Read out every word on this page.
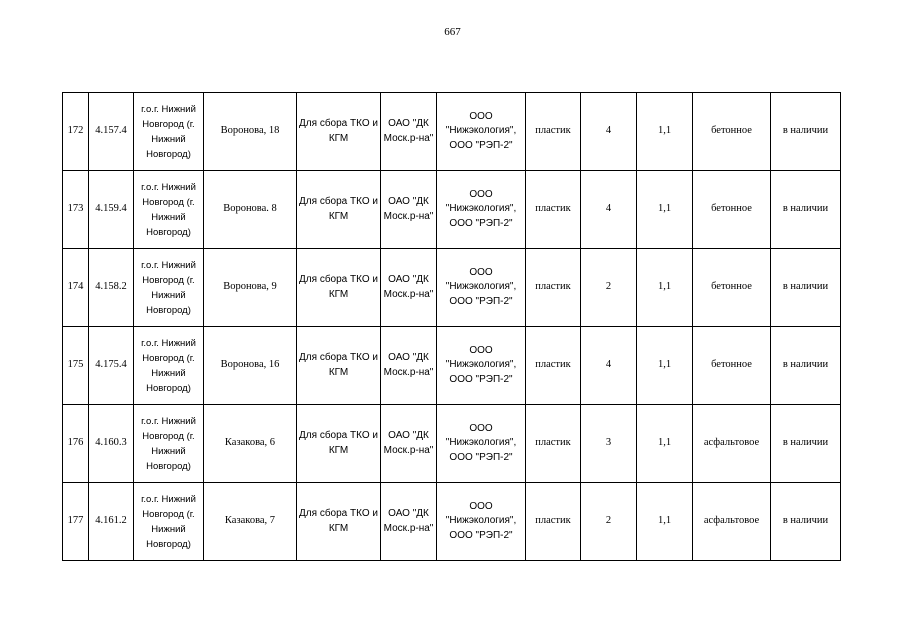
667
172	4.157.4	г.о.г. Нижний Новгород (г. Нижний Новгород)	Воронова, 18	Для сбора ТКО и КГМ	ОАО "ДК Моск.р-на"	ООО "Нижэкология", ООО "РЭП-2"	пластик	4	1,1	бетонное	в наличии
173	4.159.4	г.о.г. Нижний Новгород (г. Нижний Новгород)	Воронова. 8	Для сбора ТКО и КГМ	ОАО "ДК Моск.р-на"	ООО "Нижэкология", ООО "РЭП-2"	пластик	4	1,1	бетонное	в наличии
174	4.158.2	г.о.г. Нижний Новгород (г. Нижний Новгород)	Воронова, 9	Для сбора ТКО и КГМ	ОАО "ДК Моск.р-на"	ООО "Нижэкология", ООО "РЭП-2"	пластик	2	1,1	бетонное	в наличии
175	4.175.4	г.о.г. Нижний Новгород (г. Нижний Новгород)	Воронова, 16	Для сбора ТКО и КГМ	ОАО "ДК Моск.р-на"	ООО "Нижэкология", ООО "РЭП-2"	пластик	4	1,1	бетонное	в наличии
176	4.160.3	г.о.г. Нижний Новгород (г. Нижний Новгород)	Казакова, 6	Для сбора ТКО и КГМ	ОАО "ДК Моск.р-на"	ООО "Нижэкология", ООО "РЭП-2"	пластик	3	1,1	асфальтовое	в наличии
177	4.161.2	г.о.г. Нижний Новгород (г. Нижний Новгород)	Казакова, 7	Для сбора ТКО и КГМ	ОАО "ДК Моск.р-на"	ООО "Нижэкология", ООО "РЭП-2"	пластик	2	1,1	асфальтовое	в наличии
